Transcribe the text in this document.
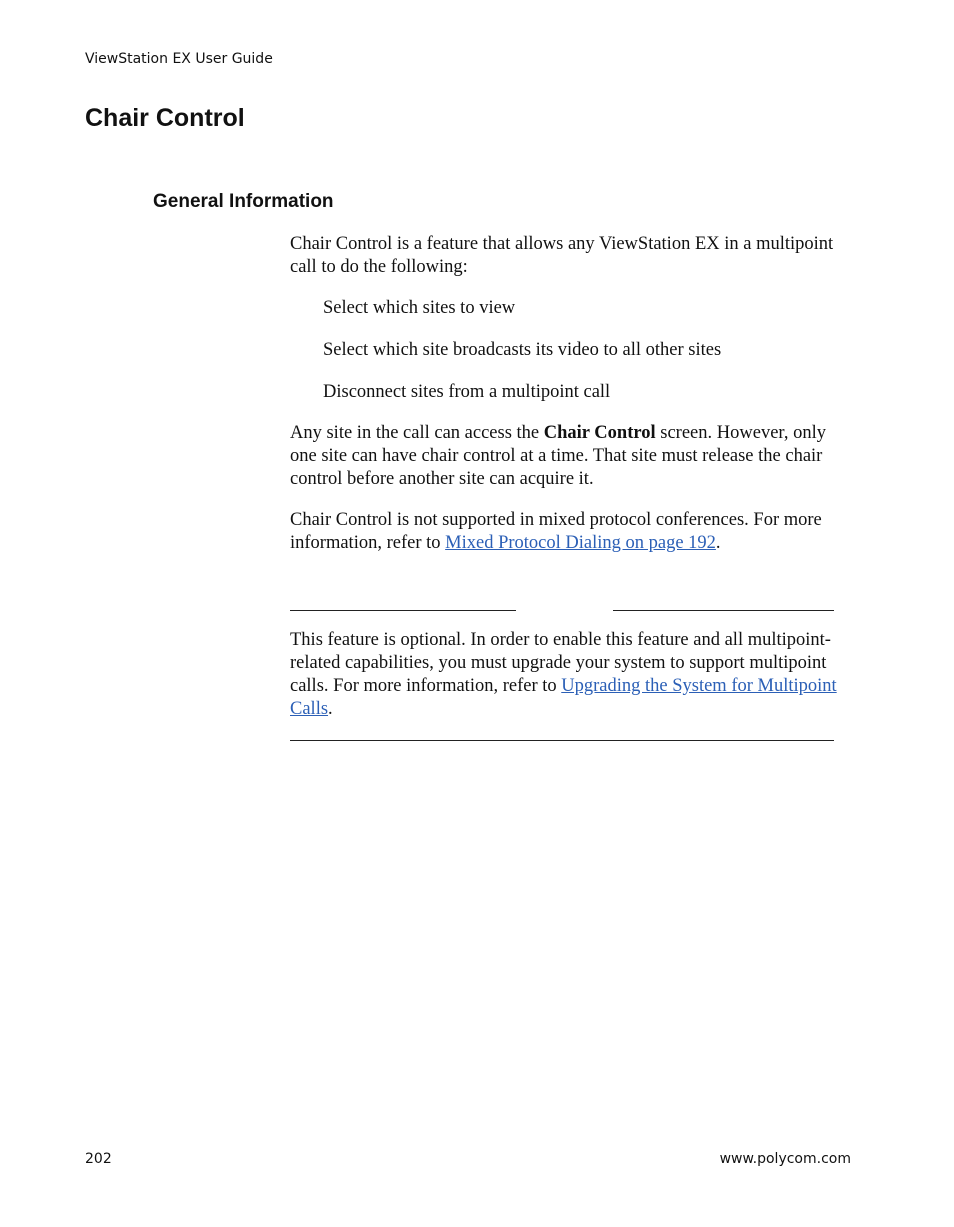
ViewStation EX User Guide
Chair Control
General Information

Chair Control is a feature that allows any ViewStation EX in a multipoint call to do the following:

Select which sites to view

Select which site broadcasts its video to all other sites

Disconnect sites from a multipoint call

Any site in the call can access the Chair Control screen. However, only one site can have chair control at a time. That site must release the chair control before another site can acquire it.

Chair Control is not supported in mixed protocol conferences. For more information, refer to Mixed Protocol Dialing on page 192.

This feature is optional. In order to enable this feature and all multipoint-related capabilities, you must upgrade your system to support multipoint calls. For more information, refer to Upgrading the System for Multipoint Calls.

202	www.polycom.com
